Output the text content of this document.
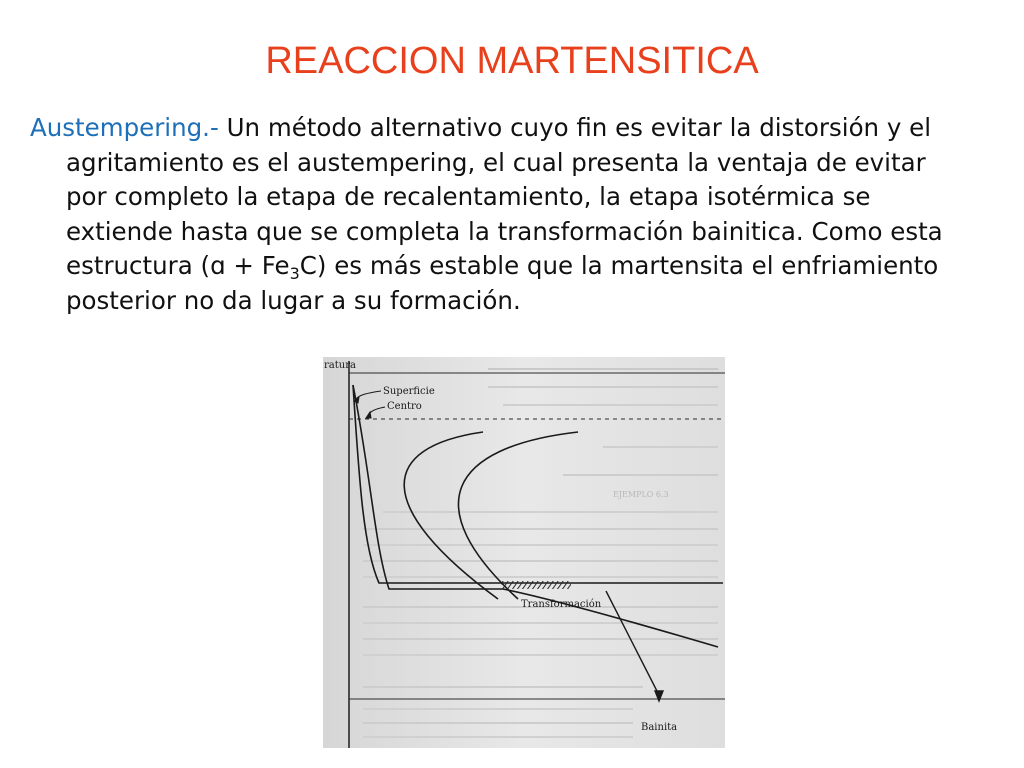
REACCION MARTENSITICA

Austempering.- Un método alternativo cuyo fin es evitar la distorsión y el agritamiento es el austempering, el cual presenta la ventaja de evitar por completo la etapa de recalentamiento, la etapa isotérmica se extiende hasta que se completa la transformación bainitica. Como esta estructura (ɑ + $Fe_3C$) es más estable que la martensita el enfriamiento posterior no da lugar a su formación.

EJEMPLO 6.3
ratura
Superficie
Centro
Transformación
Bainita
